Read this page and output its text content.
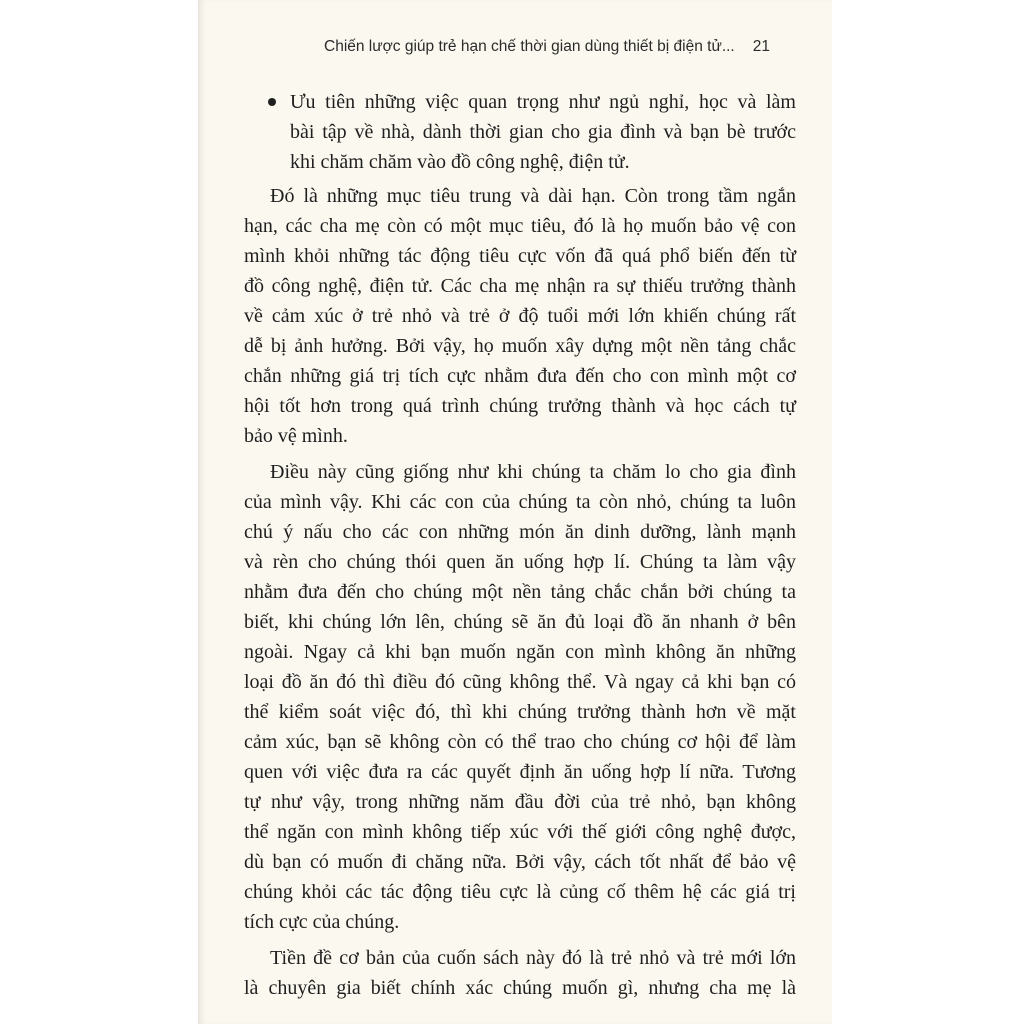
Chiến lược giúp trẻ hạn chế thời gian dùng thiết bị điện tử... 21
Ưu tiên những việc quan trọng như ngủ nghỉ, học và làm
bài tập về nhà, dành thời gian cho gia đình và bạn bè trước
khi chăm chăm vào đồ công nghệ, điện tử.
Đó là những mục tiêu trung và dài hạn. Còn trong tầm ngắn
hạn, các cha mẹ còn có một mục tiêu, đó là họ muốn bảo vệ con
mình khỏi những tác động tiêu cực vốn đã quá phổ biến đến từ
đồ công nghệ, điện tử. Các cha mẹ nhận ra sự thiếu trưởng thành
về cảm xúc ở trẻ nhỏ và trẻ ở độ tuổi mới lớn khiến chúng rất
dễ bị ảnh hưởng. Bởi vậy, họ muốn xây dựng một nền tảng chắc
chắn những giá trị tích cực nhằm đưa đến cho con mình một cơ
hội tốt hơn trong quá trình chúng trưởng thành và học cách tự
bảo vệ mình.
Điều này cũng giống như khi chúng ta chăm lo cho gia đình
của mình vậy. Khi các con của chúng ta còn nhỏ, chúng ta luôn
chú ý nấu cho các con những món ăn dinh dưỡng, lành mạnh
và rèn cho chúng thói quen ăn uống hợp lí. Chúng ta làm vậy
nhằm đưa đến cho chúng một nền tảng chắc chắn bởi chúng ta
biết, khi chúng lớn lên, chúng sẽ ăn đủ loại đồ ăn nhanh ở bên
ngoài. Ngay cả khi bạn muốn ngăn con mình không ăn những
loại đồ ăn đó thì điều đó cũng không thể. Và ngay cả khi bạn có
thể kiểm soát việc đó, thì khi chúng trưởng thành hơn về mặt
cảm xúc, bạn sẽ không còn có thể trao cho chúng cơ hội để làm
quen với việc đưa ra các quyết định ăn uống hợp lí nữa. Tương
tự như vậy, trong những năm đầu đời của trẻ nhỏ, bạn không
thể ngăn con mình không tiếp xúc với thế giới công nghệ được,
dù bạn có muốn đi chăng nữa. Bởi vậy, cách tốt nhất để bảo vệ
chúng khỏi các tác động tiêu cực là củng cố thêm hệ các giá trị
tích cực của chúng.
Tiền đề cơ bản của cuốn sách này đó là trẻ nhỏ và trẻ mới lớn
là chuyên gia biết chính xác chúng muốn gì, nhưng cha mẹ là
